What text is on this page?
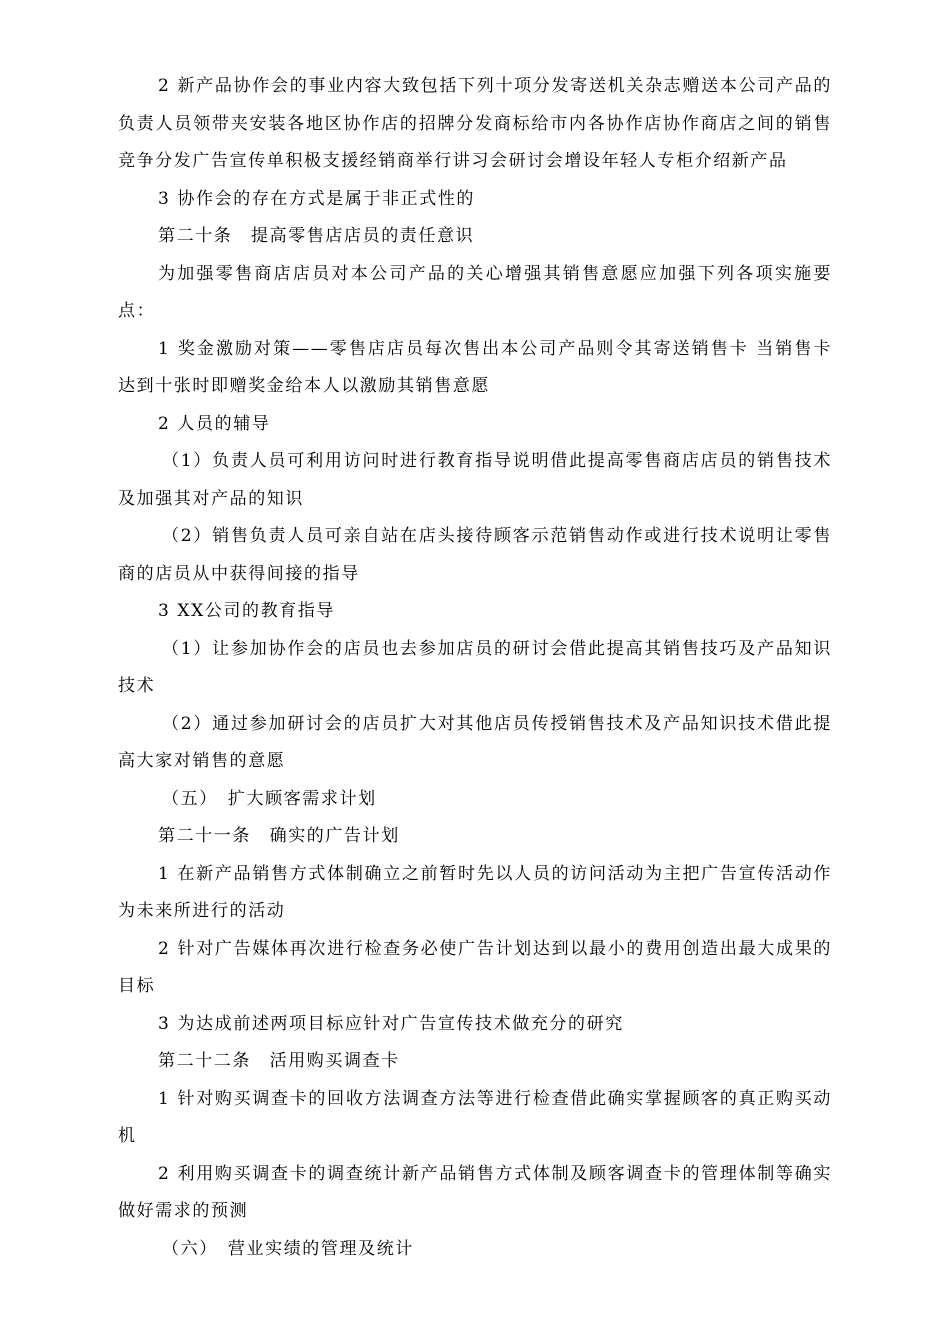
2 新产品协作会的事业内容大致包括下列十项分发寄送机关杂志赠送本公司产品的负责人员领带夹安装各地区协作店的招牌分发商标给市内各协作店协作商店之间的销售竞争分发广告宣传单积极支援经销商举行讲习会研讨会增设年轻人专柜介绍新产品

3 协作会的存在方式是属于非正式性的

第二十条　提高零售店店员的责任意识

为加强零售商店店员对本公司产品的关心增强其销售意愿应加强下列各项实施要点：

1 奖金激励对策——零售店店员每次售出本公司产品则令其寄送销售卡 当销售卡达到十张时即赠奖金给本人以激励其销售意愿

2 人员的辅导

（1）负责人员可利用访问时进行教育指导说明借此提高零售商店店员的销售技术及加强其对产品的知识

（2）销售负责人员可亲自站在店头接待顾客示范销售动作或进行技术说明让零售商的店员从中获得间接的指导

3 XX公司的教育指导

（1）让参加协作会的店员也去参加店员的研讨会借此提高其销售技巧及产品知识技术

（2）通过参加研讨会的店员扩大对其他店员传授销售技术及产品知识技术借此提高大家对销售的意愿

（五）　扩大顾客需求计划

第二十一条　确实的广告计划

1 在新产品销售方式体制确立之前暂时先以人员的访问活动为主把广告宣传活动作为未来所进行的活动

2 针对广告媒体再次进行检查务必使广告计划达到以最小的费用创造出最大成果的目标

3 为达成前述两项目标应针对广告宣传技术做充分的研究

第二十二条　活用购买调查卡

1 针对购买调查卡的回收方法调查方法等进行检查借此确实掌握顾客的真正购买动机

2 利用购买调查卡的调查统计新产品销售方式体制及顾客调查卡的管理体制等确实做好需求的预测

（六）　营业实绩的管理及统计
